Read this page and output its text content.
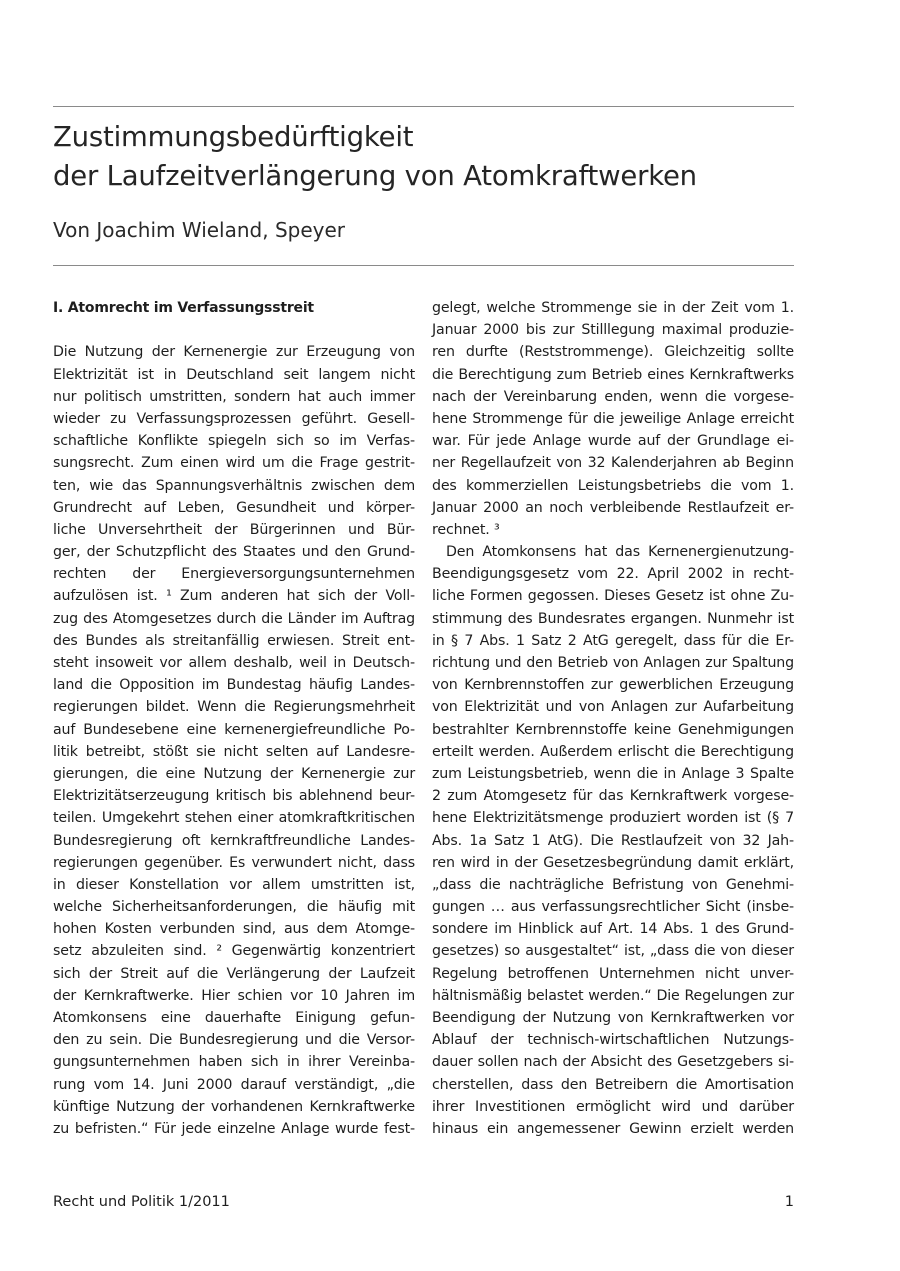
Zustimmungsbedürftigkeit
der Laufzeitverlängerung von Atomkraftwerken

Von Joachim Wieland, Speyer

I. Atomrecht im Verfassungsstreit
Die Nutzung der Kernenergie zur Erzeugung von
Elektrizität ist in Deutschland seit langem nicht
nur politisch umstritten, sondern hat auch immer
wieder zu Verfassungsprozessen geführt. Gesell-
schaftliche Konflikte spiegeln sich so im Verfas-
sungsrecht. Zum einen wird um die Frage gestrit-
ten, wie das Spannungsverhältnis zwischen dem
Grundrecht auf Leben, Gesundheit und körper-
liche Unversehrtheit der Bürgerinnen und Bür-
ger, der Schutzpflicht des Staates und den Grund-
rechten der Energieversorgungsunternehmen
aufzulösen ist. ¹ Zum anderen hat sich der Voll-
zug des Atomgesetzes durch die Länder im Auftrag
des Bundes als streitanfällig erwiesen. Streit ent-
steht insoweit vor allem deshalb, weil in Deutsch-
land die Opposition im Bundestag häufig Landes-
regierungen bildet. Wenn die Regierungsmehrheit
auf Bundesebene eine kernenergiefreundliche Po-
litik betreibt, stößt sie nicht selten auf Landesre-
gierungen, die eine Nutzung der Kernenergie zur
Elektrizitätserzeugung kritisch bis ablehnend beur-
teilen. Umgekehrt stehen einer atomkraftkritischen
Bundesregierung oft kernkraftfreundliche Landes-
regierungen gegenüber. Es verwundert nicht, dass
in dieser Konstellation vor allem umstritten ist,
welche Sicherheitsanforderungen, die häufig mit
hohen Kosten verbunden sind, aus dem Atomge-
setz abzuleiten sind. ² Gegenwärtig konzentriert
sich der Streit auf die Verlängerung der Laufzeit
der Kernkraftwerke. Hier schien vor 10 Jahren im
Atomkonsens eine dauerhafte Einigung gefun-
den zu sein. Die Bundesregierung und die Versor-
gungsunternehmen haben sich in ihrer Vereinba-
rung vom 14. Juni 2000 darauf verständigt, „die
künftige Nutzung der vorhandenen Kernkraftwerke
zu befristen.“ Für jede einzelne Anlage wurde fest-
gelegt, welche Strommenge sie in der Zeit vom 1.
Januar 2000 bis zur Stilllegung maximal produzie-
ren durfte (Reststrommenge). Gleichzeitig sollte
die Berechtigung zum Betrieb eines Kernkraftwerks
nach der Vereinbarung enden, wenn die vorgese-
hene Strommenge für die jeweilige Anlage erreicht
war. Für jede Anlage wurde auf der Grundlage ei-
ner Regellaufzeit von 32 Kalenderjahren ab Beginn
des kommerziellen Leistungsbetriebs die vom 1.
Januar 2000 an noch verbleibende Restlaufzeit er-
rechnet. ³
Den Atomkonsens hat das Kernenergienutzung-
Beendigungsgesetz vom 22. April 2002 in recht-
liche Formen gegossen. Dieses Gesetz ist ohne Zu-
stimmung des Bundesrates ergangen. Nunmehr ist
in § 7 Abs. 1 Satz 2 AtG geregelt, dass für die Er-
richtung und den Betrieb von Anlagen zur Spaltung
von Kernbrennstoffen zur gewerblichen Erzeugung
von Elektrizität und von Anlagen zur Aufarbeitung
bestrahlter Kernbrennstoffe keine Genehmigungen
erteilt werden. Außerdem erlischt die Berechtigung
zum Leistungsbetrieb, wenn die in Anlage 3 Spalte
2 zum Atomgesetz für das Kernkraftwerk vorgese-
hene Elektrizitätsmenge produziert worden ist (§ 7
Abs. 1a Satz 1 AtG). Die Restlaufzeit von 32 Jah-
ren wird in der Gesetzesbegründung damit erklärt,
„dass die nachträgliche Befristung von Genehmi-
gungen … aus verfassungsrechtlicher Sicht (insbe-
sondere im Hinblick auf Art. 14 Abs. 1 des Grund-
gesetzes) so ausgestaltet“ ist, „dass die von dieser
Regelung betroffenen Unternehmen nicht unver-
hältnismäßig belastet werden.“ Die Regelungen zur
Beendigung der Nutzung von Kernkraftwerken vor
Ablauf der technisch-wirtschaftlichen Nutzungs-
dauer sollen nach der Absicht des Gesetzgebers si-
cherstellen, dass den Betreibern die Amortisation
ihrer Investitionen ermöglicht wird und darüber
hinaus ein angemessener Gewinn erzielt werden
Recht und Politik 1/2011	1
